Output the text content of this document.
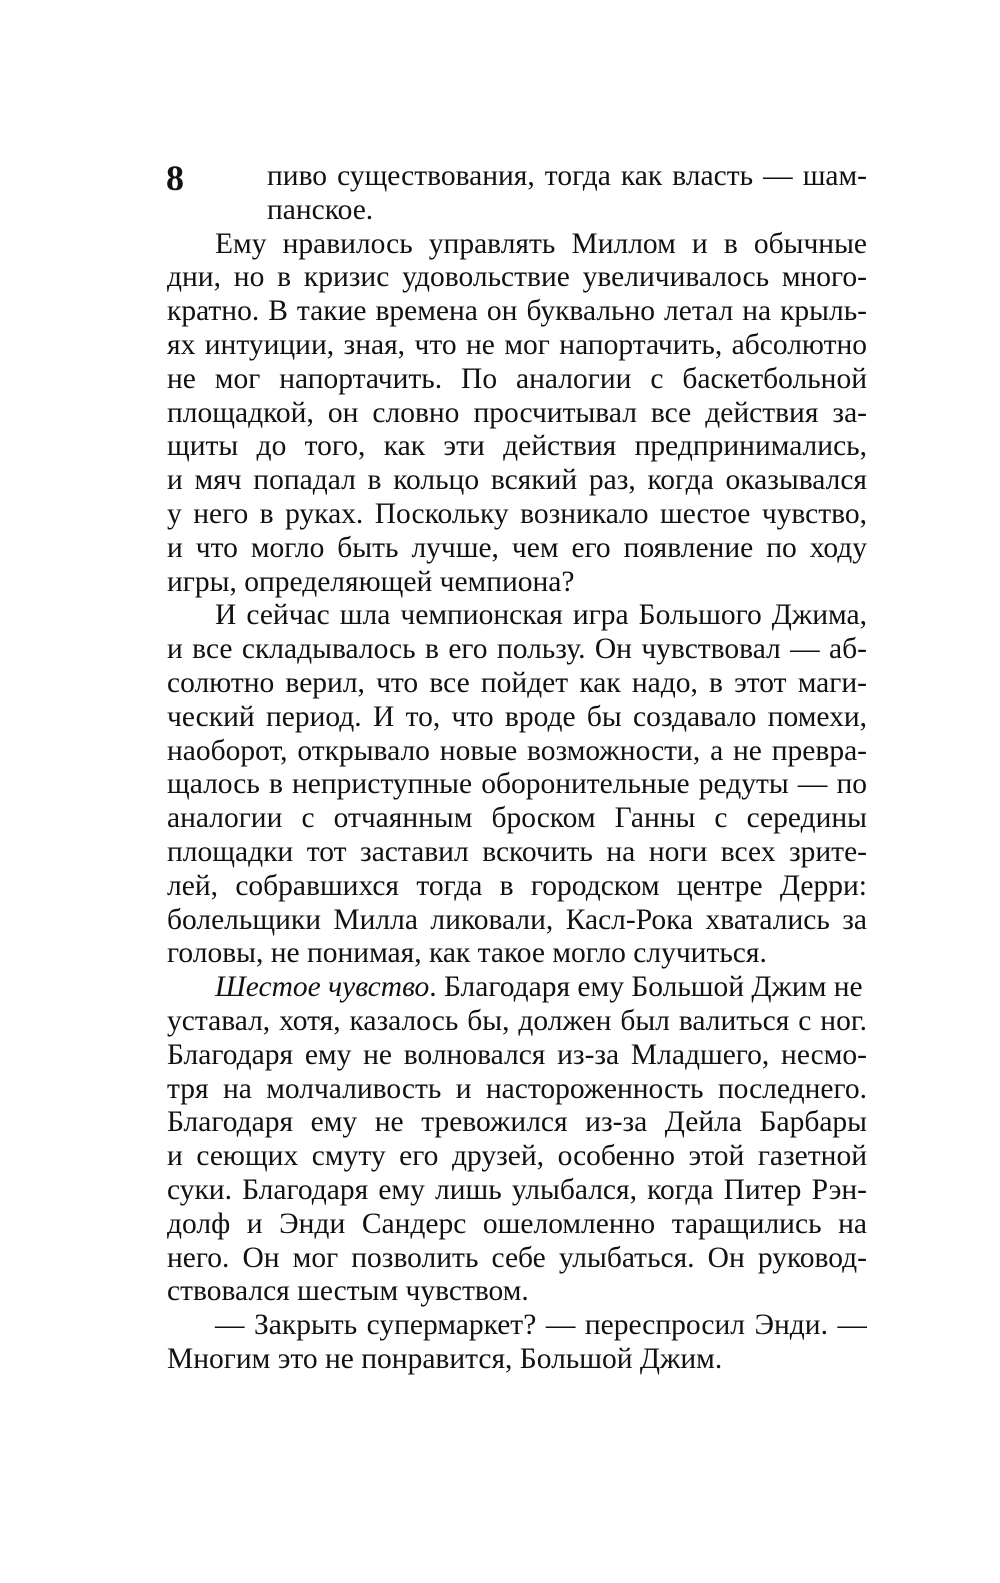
8	пиво существования, тогда как власть — шам-
панское.
Ему нравилось управлять Миллом и в обычные
дни, но в кризис удовольствие увеличивалось много-
кратно. В такие времена он буквально летал на крыль-
ях интуиции, зная, что не мог напортачить, абсолютно
не мог напортачить. По аналогии с баскетбольной
площадкой, он словно просчитывал все действия за-
щиты до того, как эти действия предпринимались,
и мяч попадал в кольцо всякий раз, когда оказывался
у него в руках. Поскольку возникало шестое чувство,
и что могло быть лучше, чем его появление по ходу
игры, определяющей чемпиона?
И сейчас шла чемпионская игра Большого Джима,
и все складывалось в его пользу. Он чувствовал — аб-
солютно верил, что все пойдет как надо, в этот маги-
ческий период. И то, что вроде бы создавало помехи,
наоборот, открывало новые возможности, а не превра-
щалось в неприступные оборонительные редуты — по
аналогии с отчаянным броском Ганны с середины
площадки тот заставил вскочить на ноги всех зрите-
лей, собравшихся тогда в городском центре Дерри:
болельщики Милла ликовали, Касл-Рока хватались за
головы, не понимая, как такое могло случиться.
Шестое чувство. Благодаря ему Большой Джим не
уставал, хотя, казалось бы, должен был валиться с ног.
Благодаря ему не волновался из-за Младшего, несмо-
тря на молчаливость и настороженность последнего.
Благодаря ему не тревожился из-за Дейла Барбары
и сеющих смуту его друзей, особенно этой газетной
суки. Благодаря ему лишь улыбался, когда Питер Рэн-
долф и Энди Сандерс ошеломленно таращились на
него. Он мог позволить себе улыбаться. Он руковод-
ствовался шестым чувством.
— Закрыть супермаркет? — переспросил Энди. —
Многим это не понравится, Большой Джим.
